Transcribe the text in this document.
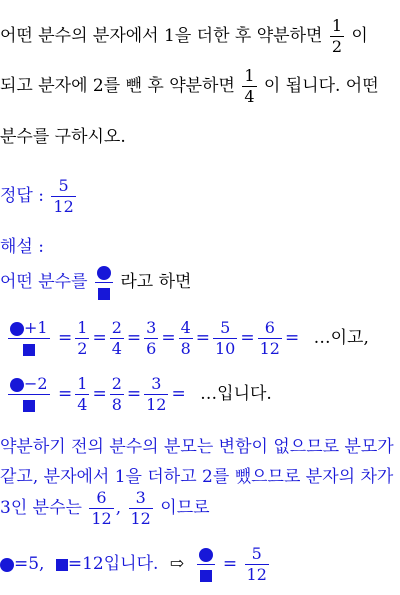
어떤 분수의 분자에서 1을 더한 후 약분하면 $\frac{1}{2}$ 이
되고 분자에 2를 뺀 후 약분하면 $\frac{1}{4}$ 이 됩니다. 어떤
분수를 구하시오.
정답 : $\frac{5}{12}$
해설 :
어떤 분수를 라고 하면
+1
= $\frac{1}{2} = \frac{2}{4} = \frac{3}{6} = \frac{4}{8} = \frac{5}{10} = \frac{6}{12}$ = …이고,
−2
= $\frac{1}{4} = \frac{2}{8} = \frac{3}{12}$ = …입니다.
약분하기 전의 분수의 분모는 변함이 없으므로 분모가
같고, 분자에서 1을 더하고 2를 뺐으므로 분자의 차가
3인 분수는 $\frac{6}{12}$ , $\frac{3}{12}$ 이므로
=5, =12입니다. ⇨ = $\frac{5}{12}$
